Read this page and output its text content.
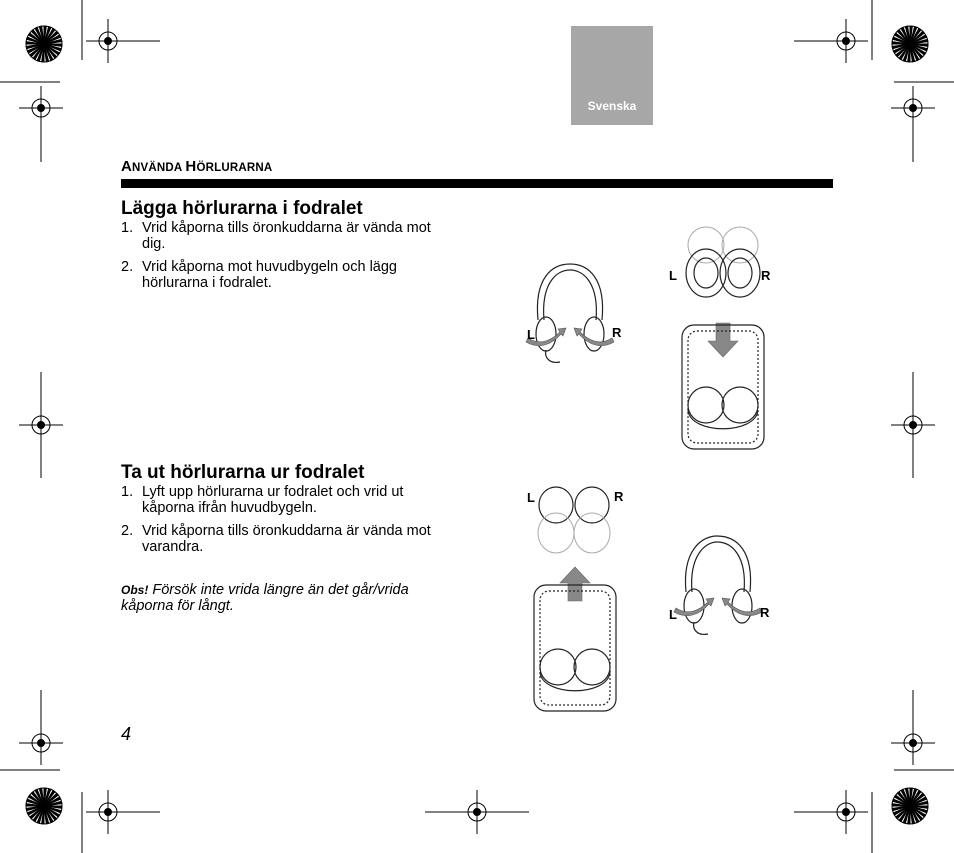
Svenska
ANVÄNDA HÖRLURARNA
Lägga hörlurarna i fodralet
1. Vrid kåporna tills öronkuddarna är vända mot dig.
2. Vrid kåporna mot huvudbygeln och lägg hörlurarna i fodralet.
Ta ut hörlurarna ur fodralet
1. Lyft upp hörlurarna ur fodralet och vrid ut kåporna ifrån huvudbygeln.
2. Vrid kåporna tills öronkuddarna är vända mot varandra.
Obs! Försök inte vrida längre än det går/vrida kåporna för långt.
4
L	R
L	R
L	R
L	R
